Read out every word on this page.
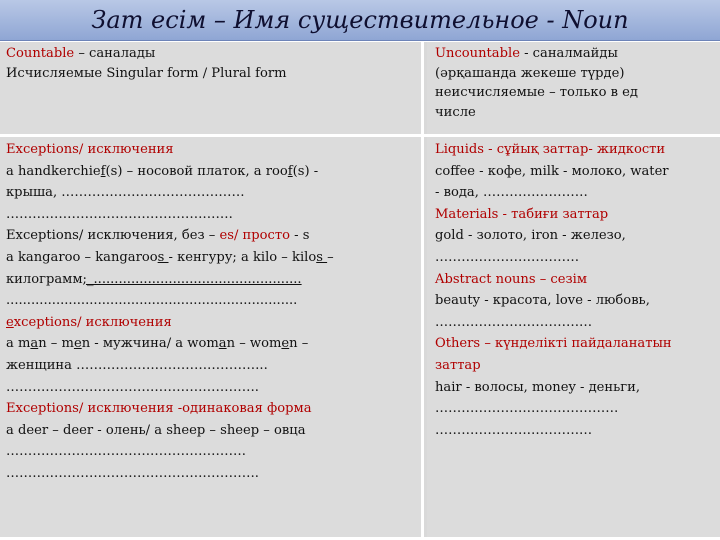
Зат есім – Имя существительное - Noun
Countable – саналады
Исчисляемые Singular form / Plural form
Uncountable - саналмайды
(әрқашанда жекеше түрде)
неисчисляемые – только в ед
числе
Exceptions/ исключения
a handkerchief(s) – носовой платок, a roof(s) -
крыша, ……………………………………
…………………………………………….
Exceptions/ исключения, без – es/ просто - s
a kangaroo – kangaroos - кенгуру; a kilo – kilos –
килограмм;_..................................................
......................................................................
exceptions/ исключения
a man – men - мужчина/ a woman – women –
женщина ……………………………………..
………………………………………………….
Exceptions/ исключения -одинаковая форма
a deer – deer - олень/ a sheep – sheep – овца
……………………………………………….
………………………………………………….
Liquids - сұйық заттар- жидкости
coffee - кофе, milk - молоко, water
- вода, ……………………
Materials - табиғи заттар
gold - золото, iron - железо,
……………………………
Abstract nouns – сезім
beauty - красота, love - любовь,
………………………………
Others – күнделікті пайдаланатын
заттар
hair - волосы, money - деньги,
……………………………………
………………………………
